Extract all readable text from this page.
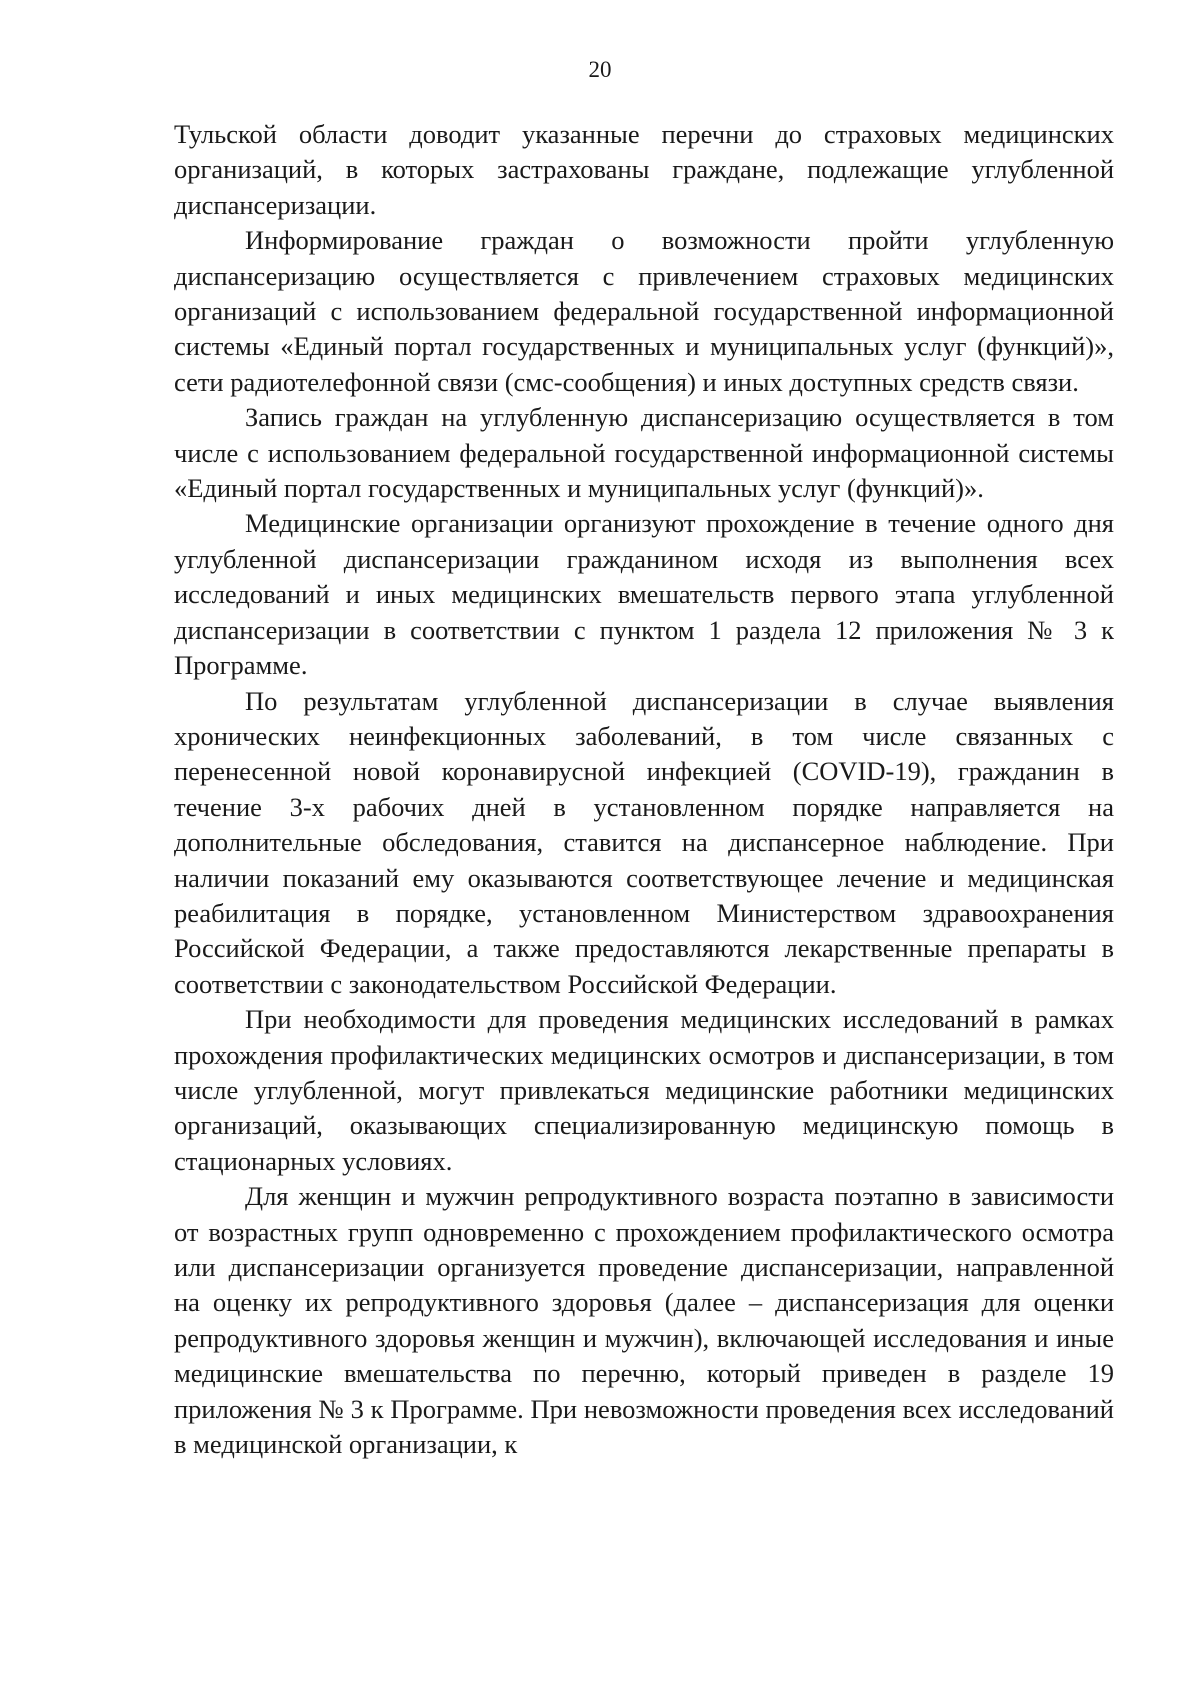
20

Тульской области доводит указанные перечни до страховых медицинских организаций, в которых застрахованы граждане, подлежащие углубленной диспансеризации.

Информирование граждан о возможности пройти углубленную диспансеризацию осуществляется с привлечением страховых медицинских организаций с использованием федеральной государственной информационной системы «Единый портал государственных и муниципальных услуг (функций)», сети радиотелефонной связи (смс-сообщения) и иных доступных средств связи.

Запись граждан на углубленную диспансеризацию осуществляется в том числе с использованием федеральной государственной информационной системы «Единый портал государственных и муниципальных услуг (функций)».

Медицинские организации организуют прохождение в течение одного дня углубленной диспансеризации гражданином исходя из выполнения всех исследований и иных медицинских вмешательств первого этапа углубленной диспансеризации в соответствии с пунктом 1 раздела 12 приложения № 3 к Программе.

По результатам углубленной диспансеризации в случае выявления хронических неинфекционных заболеваний, в том числе связанных с перенесенной новой коронавирусной инфекцией (COVID-19), гражданин в течение 3-х рабочих дней в установленном порядке направляется на дополнительные обследования, ставится на диспансерное наблюдение. При наличии показаний ему оказываются соответствующее лечение и медицинская реабилитация в порядке, установленном Министерством здравоохранения Российской Федерации, а также предоставляются лекарственные препараты в соответствии с законодательством Российской Федерации.

При необходимости для проведения медицинских исследований в рамках прохождения профилактических медицинских осмотров и диспансеризации, в том числе углубленной, могут привлекаться медицинские работники медицинских организаций, оказывающих специализированную медицинскую помощь в стационарных условиях.

Для женщин и мужчин репродуктивного возраста поэтапно в зависимости от возрастных групп одновременно с прохождением профилактического осмотра или диспансеризации организуется проведение диспансеризации, направленной на оценку их репродуктивного здоровья (далее – диспансеризация для оценки репродуктивного здоровья женщин и мужчин), включающей исследования и иные медицинские вмешательства по перечню, который приведен в разделе 19 приложения № 3 к Программе. При невозможности проведения всех исследований в медицинской организации, к
